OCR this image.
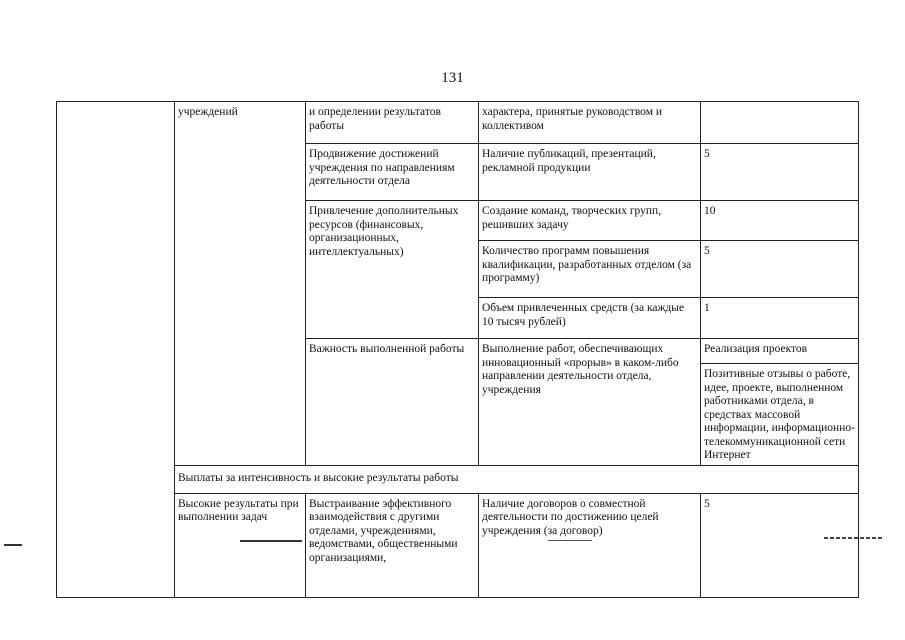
131
	учреждений	и определении результатов работы	характера, принятые руководством и коллективом		
		Продвижение достижений учреждения по направлениям деятельности отдела	Наличие публикаций, презентаций, рекламной продукции	5	
		Привлечение дополнительных ресурсов (финансовых, организационных, интеллектуальных)	Создание команд, творческих групп, решивших задачу	10	
			Количество программ повышения квалификации, разработанных отделом (за программу)	5	
			Объем привлеченных средств (за каждые 10 тысяч рублей)	1	
		Важность выполненной работы	Выполнение работ, обеспечивающих инновационный «прорыв» в каком-либо направлении деятельности отдела, учреждения	Реализация проектов	
				Позитивные отзывы о работе, идее, проекте, выполненном работниками отдела, в средствах массовой информации, информационно-телекоммуникационной сети Интернет	
	Выплаты за интенсивность и высокие результаты работы				
	Высокие результаты при выполнении задач	Выстраивание эффективного взаимодействия с другими отделами, учреждениями, ведомствами, общественными организациями,	Наличие договоров о совместной деятельности по достижению целей учреждения (за договор)	5	
